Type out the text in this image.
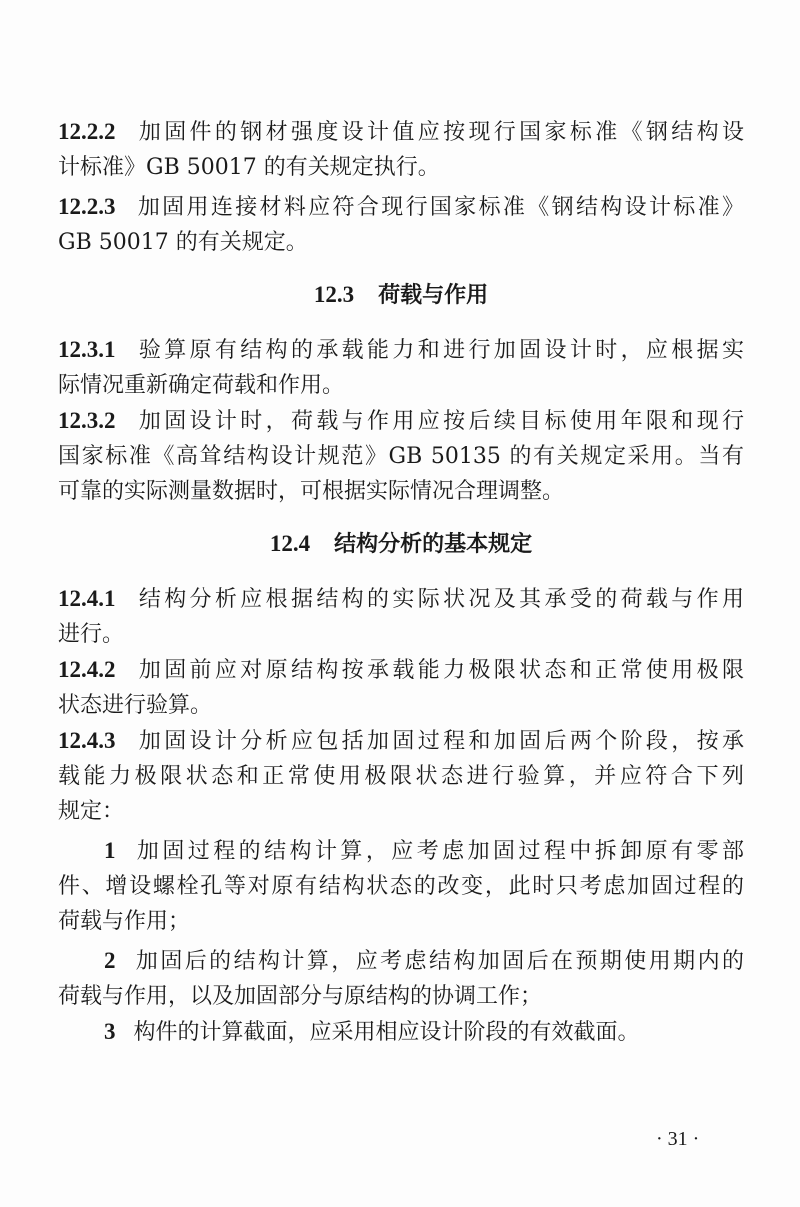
12.2.2 加固件的钢材强度设计值应按现行国家标准《钢结构设
计标准》GB 50017 的有关规定执行。
12.2.3 加固用连接材料应符合现行国家标准《钢结构设计标准》
GB 50017 的有关规定。
12.3 荷载与作用
12.3.1 验算原有结构的承载能力和进行加固设计时，应根据实
际情况重新确定荷载和作用。
12.3.2 加固设计时，荷载与作用应按后续目标使用年限和现行
国家标准《高耸结构设计规范》GB 50135 的有关规定采用。当有
可靠的实际测量数据时，可根据实际情况合理调整。
12.4 结构分析的基本规定
12.4.1 结构分析应根据结构的实际状况及其承受的荷载与作用
进行。
12.4.2 加固前应对原结构按承载能力极限状态和正常使用极限
状态进行验算。
12.4.3 加固设计分析应包括加固过程和加固后两个阶段，按承
载能力极限状态和正常使用极限状态进行验算，并应符合下列
规定：
1 加固过程的结构计算，应考虑加固过程中拆卸原有零部
件、增设螺栓孔等对原有结构状态的改变，此时只考虑加固过程的
荷载与作用；
2 加固后的结构计算，应考虑结构加固后在预期使用期内的
荷载与作用，以及加固部分与原结构的协调工作；
3 构件的计算截面，应采用相应设计阶段的有效截面。
· 31 ·
